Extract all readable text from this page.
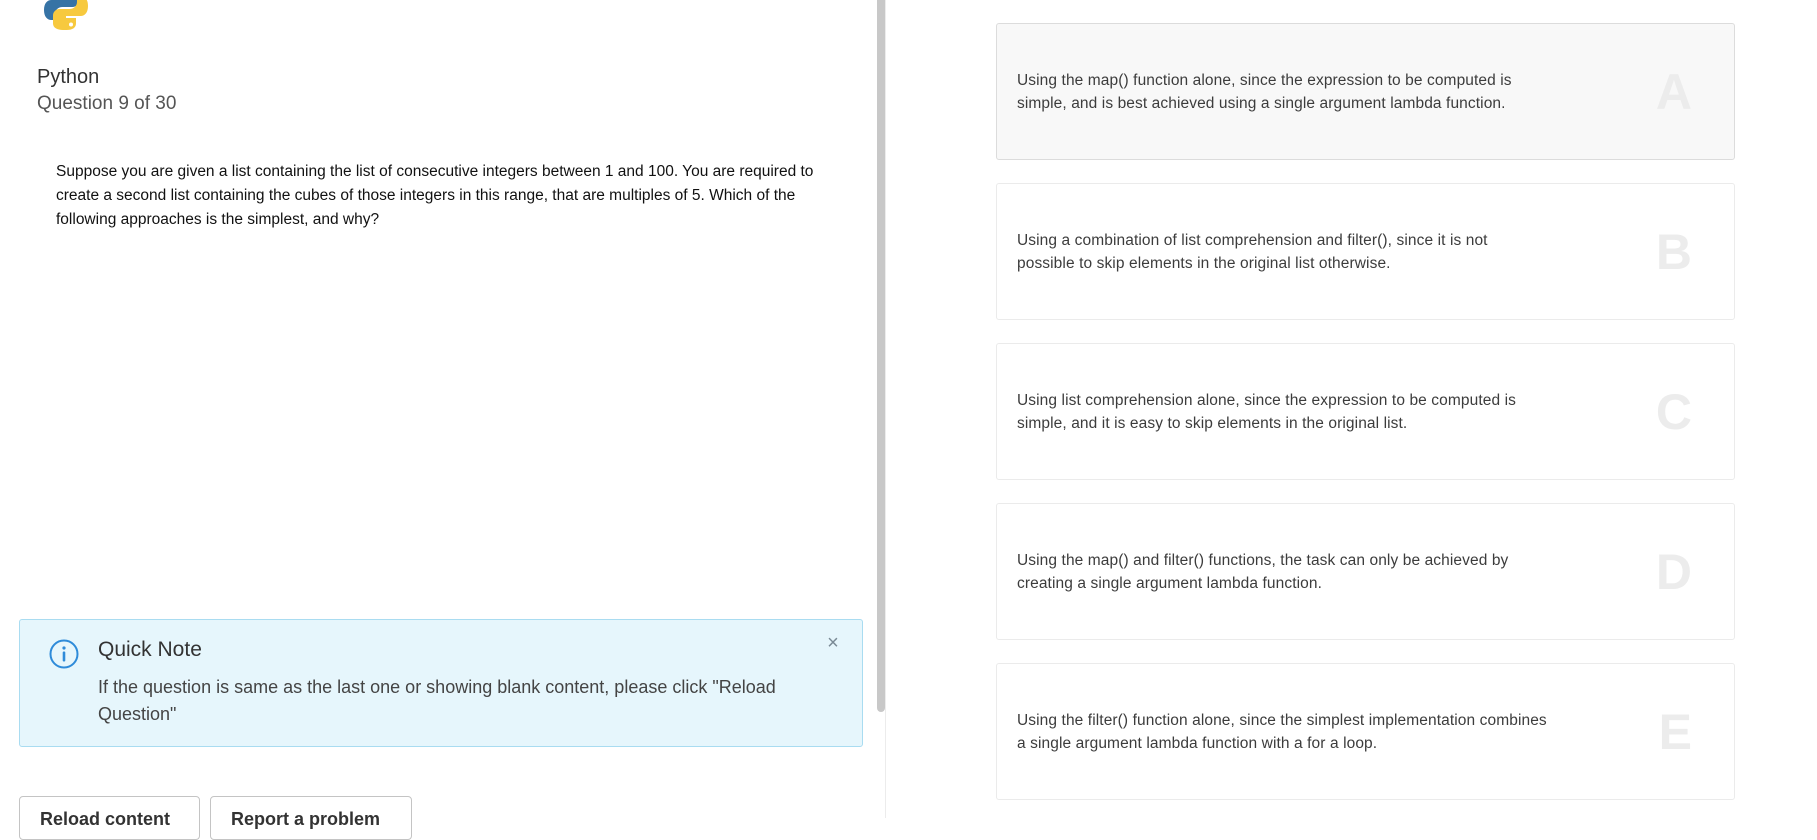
Python
Question 9 of 30
Suppose you are given a list containing the list of consecutive integers between 1 and 100. You are required to create a second list containing the cubes of those integers in this range, that are multiples of 5. Which of the following approaches is the simplest, and why?
Quick Note
If the question is same as the last one or showing blank content, please click "Reload Question"
×
Reload content	Report a problem
Using the map() function alone, since the expression to be computed is simple, and is best achieved using a single argument lambda function.	A
Using a combination of list comprehension and filter(), since it is not possible to skip elements in the original list otherwise.	B
Using list comprehension alone, since the expression to be computed is simple, and it is easy to skip elements in the original list.	C
Using the map() and filter() functions, the task can only be achieved by creating a single argument lambda function.	D
Using the filter() function alone, since the simplest implementation combines a single argument lambda function with a for a loop.	E
